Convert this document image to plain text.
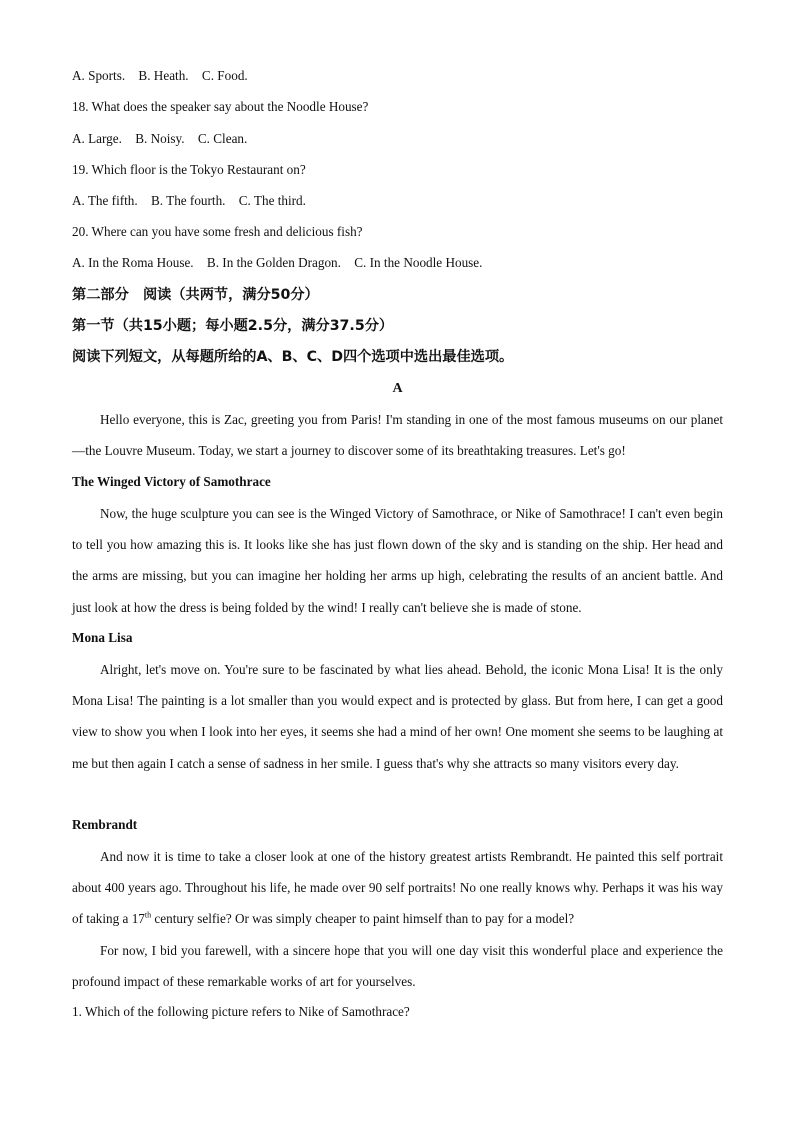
A. Sports. B. Heath. C. Food.
18. What does the speaker say about the Noodle House?
A. Large. B. Noisy. C. Clean.
19. Which floor is the Tokyo Restaurant on?
A. The fifth. B. The fourth. C. The third.
20. Where can you have some fresh and delicious fish?
A. In the Roma House. B. In the Golden Dragon. C. In the Noodle House.
第二部分　阅读（共两节，满分50分）
第一节（共15小题；每小题2.5分，满分37.5分）
阅读下列短文，从每题所给的A、B、C、D四个选项中选出最佳选项。
A
Hello everyone, this is Zac, greeting you from Paris! I'm standing in one of the most famous museums on our planet—the Louvre Museum. Today, we start a journey to discover some of its breathtaking treasures. Let's go!
The Winged Victory of Samothrace
Now, the huge sculpture you can see is the Winged Victory of Samothrace, or Nike of Samothrace! I can't even begin to tell you how amazing this is. It looks like she has just flown down of the sky and is standing on the ship. Her head and the arms are missing, but you can imagine her holding her arms up high, celebrating the results of an ancient battle. And just look at how the dress is being folded by the wind! I really can't believe she is made of stone.
Mona Lisa
Alright, let's move on. You're sure to be fascinated by what lies ahead. Behold, the iconic Mona Lisa! It is the only Mona Lisa! The painting is a lot smaller than you would expect and is protected by glass. But from here, I can get a good view to show you when I look into her eyes, it seems she had a mind of her own! One moment she seems to be laughing at me but then again I catch a sense of sadness in her smile. I guess that's why she attracts so many visitors every day.
Rembrandt
And now it is time to take a closer look at one of the history greatest artists Rembrandt. He painted this self portrait about 400 years ago. Throughout his life, he made over 90 self portraits! No one really knows why. Perhaps it was his way of taking a 17th century selfie? Or was simply cheaper to paint himself than to pay for a model?
For now, I bid you farewell, with a sincere hope that you will one day visit this wonderful place and experience the profound impact of these remarkable works of art for yourselves.
1. Which of the following picture refers to Nike of Samothrace?
